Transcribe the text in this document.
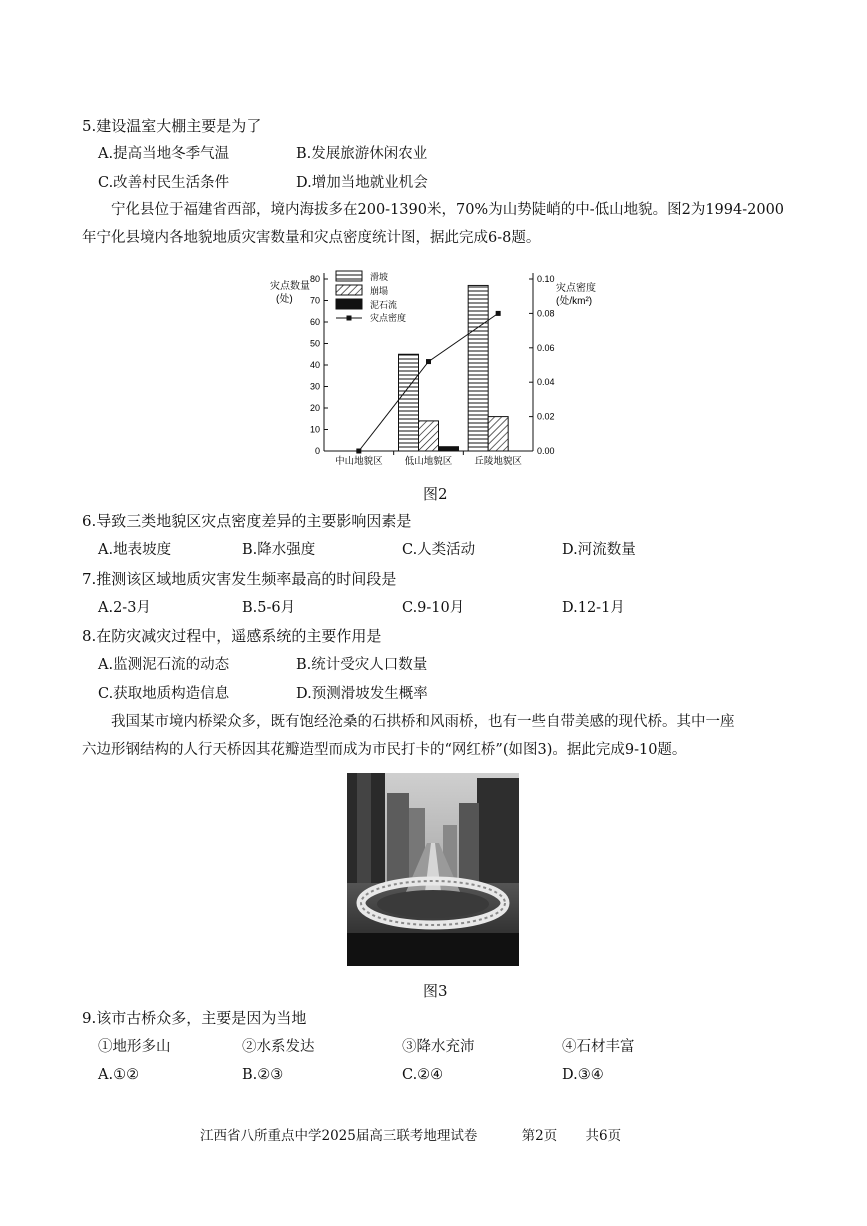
5.建设温室大棚主要是为了
A.提高当地冬季气温	B.发展旅游休闲农业
C.改善村民生活条件	D.增加当地就业机会

宁化县位于福建省西部，境内海拔多在200-1390米，70%为山势陡峭的中-低山地貌。图2为1994-2000

年宁化县境内各地貌地质灾害数量和灾点密度统计图，据此完成6-8题。
0
10
20
30
40
50
60
70
80
0.00
0.02
0.04
0.06
0.08
0.10
中山地貌区 低山地貌区 丘陵地貌区
滑坡
崩塌
泥石流
灾点密度
灾点数量
(处)
灾点密度
(处/km²)
图2
6.导致三类地貌区灾点密度差异的主要影响因素是
A.地表坡度	B.降水强度	C.人类活动	D.河流数量
7.推测该区域地质灾害发生频率最高的时间段是
A.2-3月	B.5-6月	C.9-10月	D.12-1月
8.在防灾减灾过程中，遥感系统的主要作用是
A.监测泥石流的动态	B.统计受灾人口数量
C.获取地质构造信息	D.预测滑坡发生概率

我国某市境内桥梁众多，既有饱经沧桑的石拱桥和风雨桥，也有一些自带美感的现代桥。其中一座

六边形钢结构的人行天桥因其花瓣造型而成为市民打卡的“网红桥”(如图3)。据此完成9-10题。
图3
9.该市古桥众多，主要是因为当地
①地形多山	②水系发达	③降水充沛	④石材丰富
A.①②	B.②③	C.②④	D.③④
江西省八所重点中学2025届高三联考地理试卷	第2页 共6页
